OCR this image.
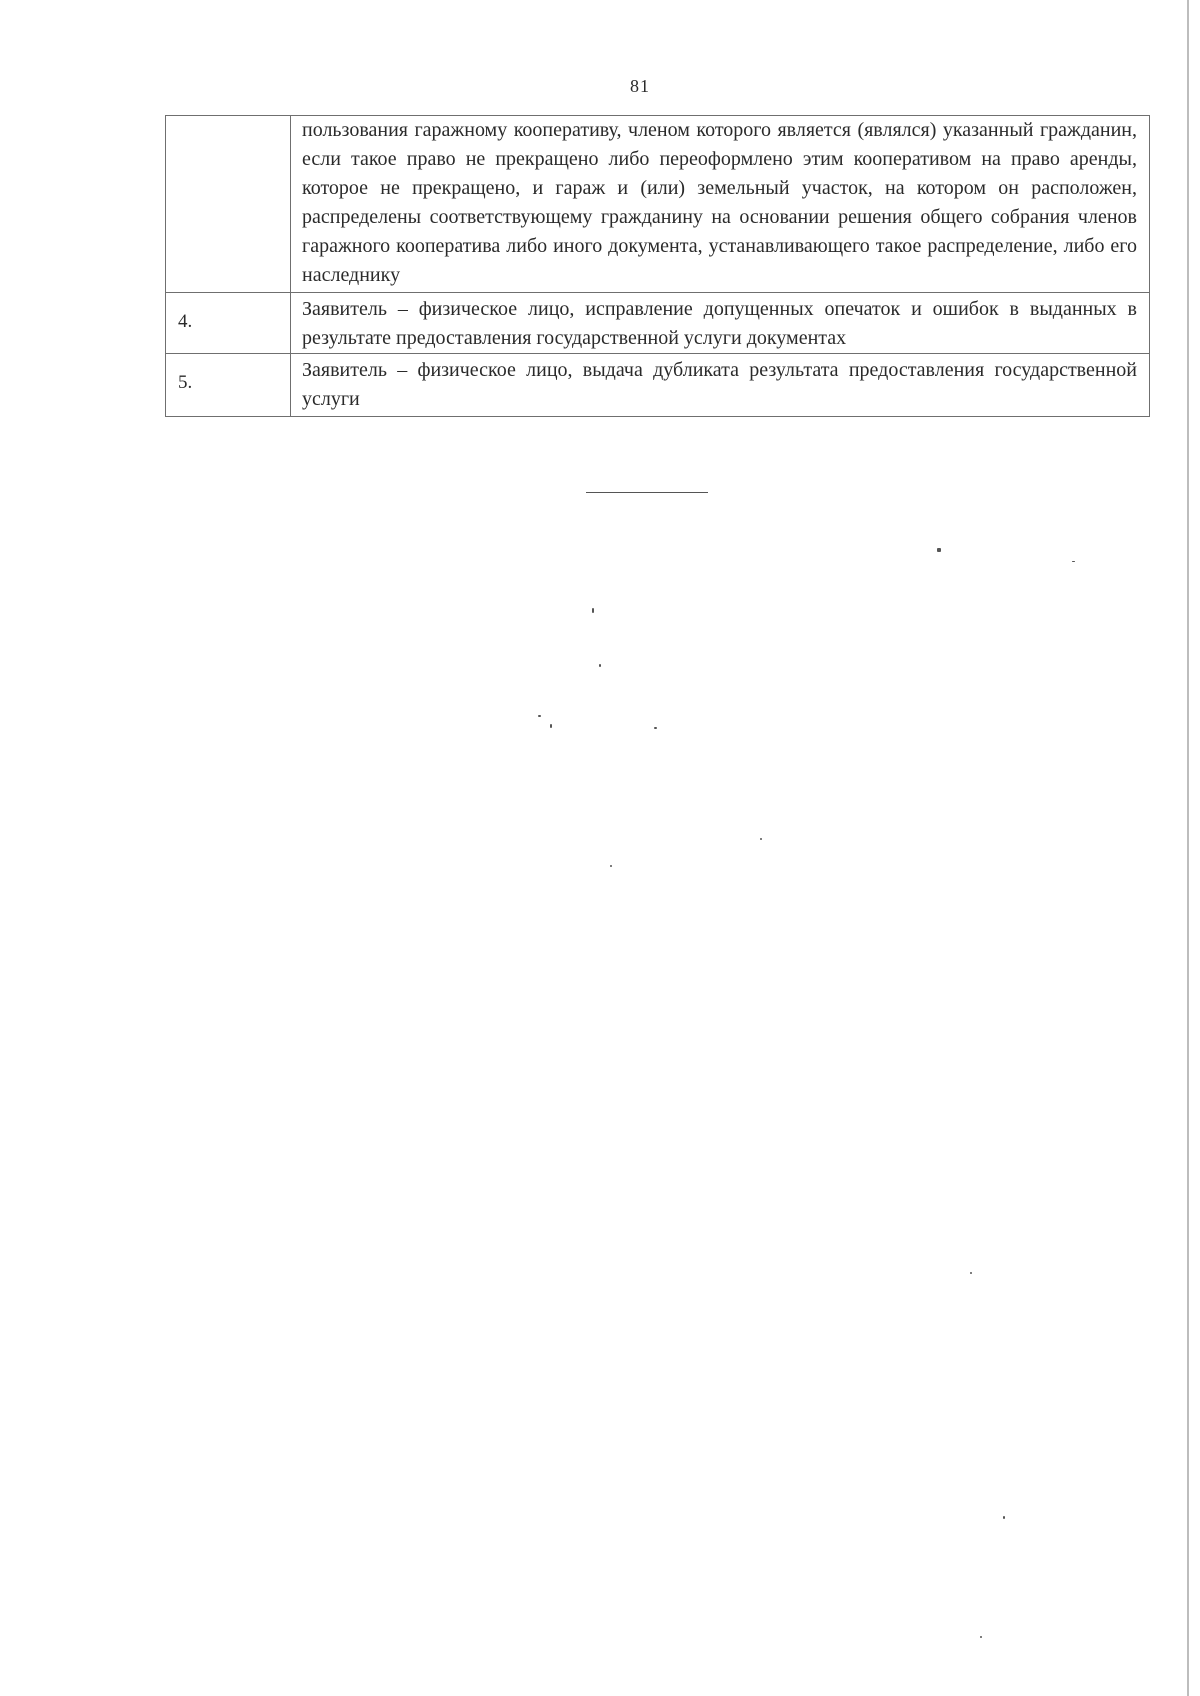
81

	пользования гаражному кооперативу, членом которого является (являлся) указанный гражданин, если такое право не прекращено либо переоформлено этим кооперативом на право аренды, которое не прекращено, и гараж и (или) земельный участок, на котором он расположен, распределены соответствующему гражданину на основании решения общего собрания членов гаражного кооператива либо иного документа, устанавливающего такое распределение, либо его наследнику

4.	Заявитель – физическое лицо, исправление допущенных опечаток и ошибок в выданных в результате предоставления государственной услуги документах

5.	Заявитель – физическое лицо, выдача дубликата результата предоставления государственной услуги
